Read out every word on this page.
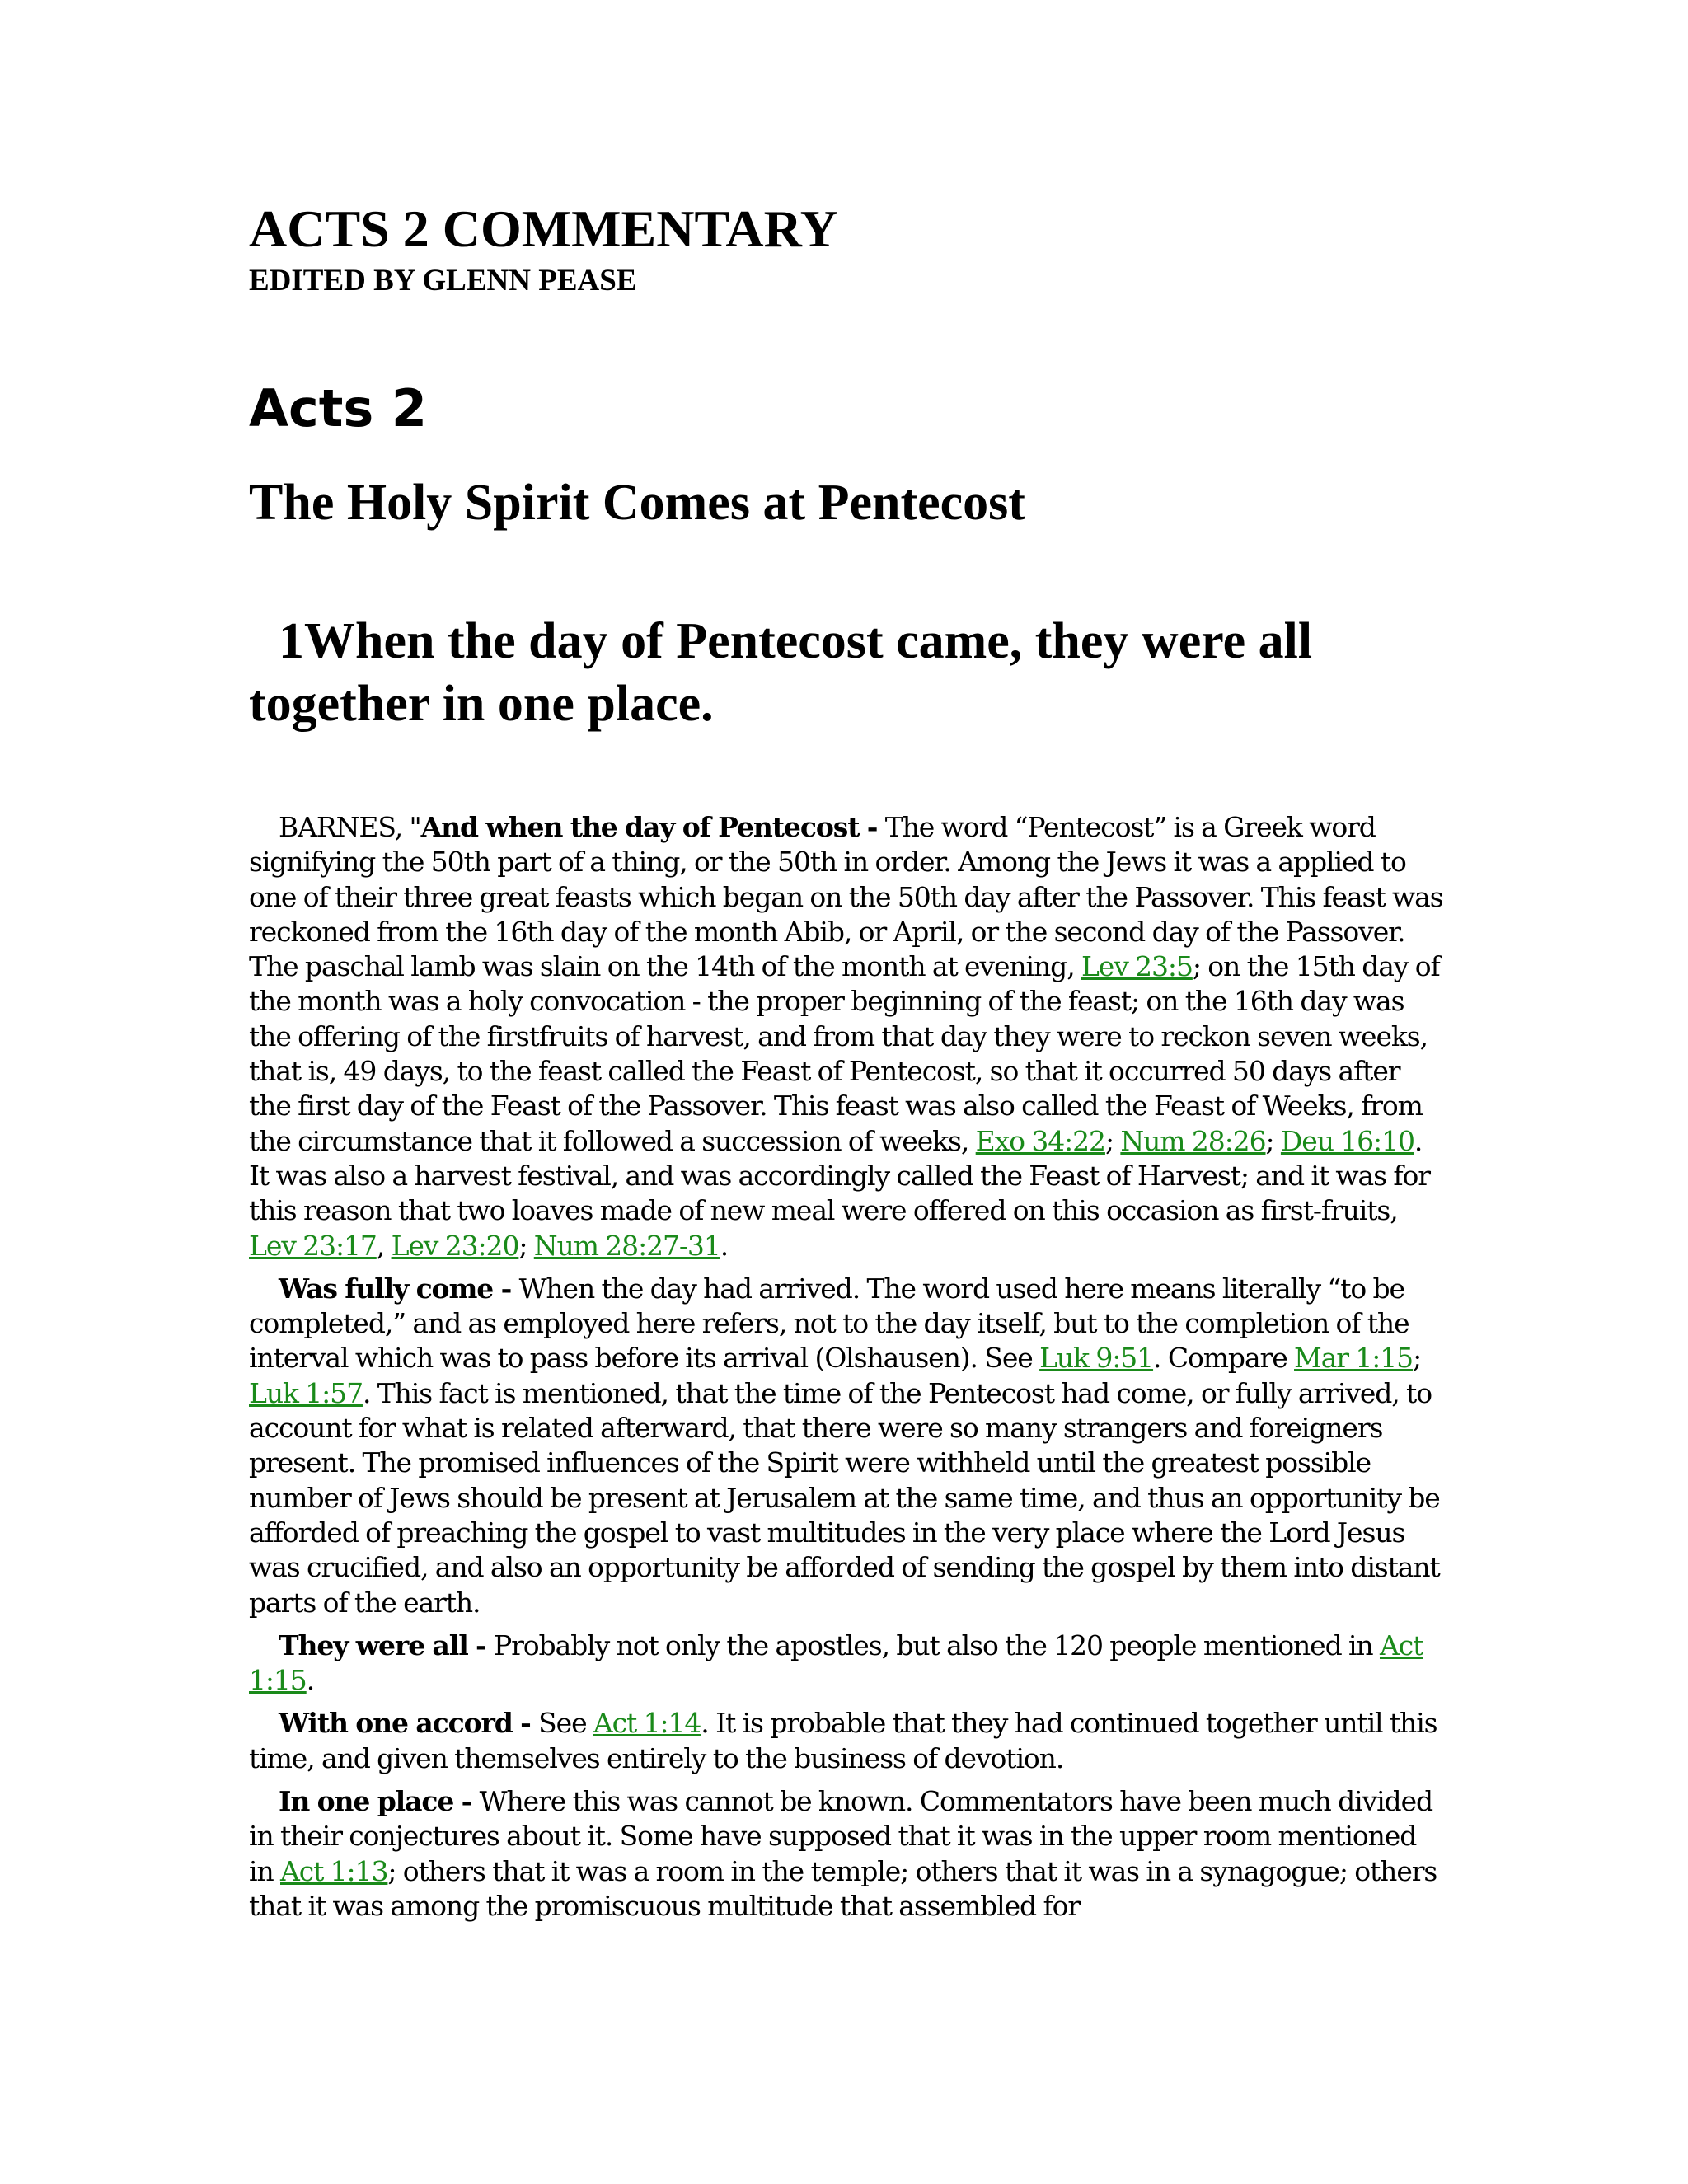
ACTS 2 COMMENTARY
EDITED BY GLENN PEASE
Acts 2
The Holy Spirit Comes at Pentecost

1When the day of Pentecost came, they were all together in one place.

BARNES, "And when the day of Pentecost - The word “Pentecost” is a Greek word signifying the 50th part of a thing, or the 50th in order. Among the Jews it was a applied to one of their three great feasts which began on the 50th day after the Passover. This feast was reckoned from the 16th day of the month Abib, or April, or the second day of the Passover. The paschal lamb was slain on the 14th of the month at evening, Lev 23:5; on the 15th day of the month was a holy convocation - the proper beginning of the feast; on the 16th day was the offering of the firstfruits of harvest, and from that day they were to reckon seven weeks, that is, 49 days, to the feast called the Feast of Pentecost, so that it occurred 50 days after the first day of the Feast of the Passover. This feast was also called the Feast of Weeks, from the circumstance that it followed a succession of weeks, Exo 34:22; Num 28:26; Deu 16:10. It was also a harvest festival, and was accordingly called the Feast of Harvest; and it was for this reason that two loaves made of new meal were offered on this occasion as first-fruits, Lev 23:17, Lev 23:20; Num 28:27-31.

Was fully come - When the day had arrived. The word used here means literally “to be completed,” and as employed here refers, not to the day itself, but to the completion of the interval which was to pass before its arrival (Olshausen). See Luk 9:51. Compare Mar 1:15; Luk 1:57. This fact is mentioned, that the time of the Pentecost had come, or fully arrived, to account for what is related afterward, that there were so many strangers and foreigners present. The promised influences of the Spirit were withheld until the greatest possible number of Jews should be present at Jerusalem at the same time, and thus an opportunity be afforded of preaching the gospel to vast multitudes in the very place where the Lord Jesus was crucified, and also an opportunity be afforded of sending the gospel by them into distant parts of the earth.

They were all - Probably not only the apostles, but also the 120 people mentioned in Act 1:15.

With one accord - See Act 1:14. It is probable that they had continued together until this time, and given themselves entirely to the business of devotion.

In one place - Where this was cannot be known. Commentators have been much divided in their conjectures about it. Some have supposed that it was in the upper room mentioned in Act 1:13; others that it was a room in the temple; others that it was in a synagogue; others that it was among the promiscuous multitude that assembled for
